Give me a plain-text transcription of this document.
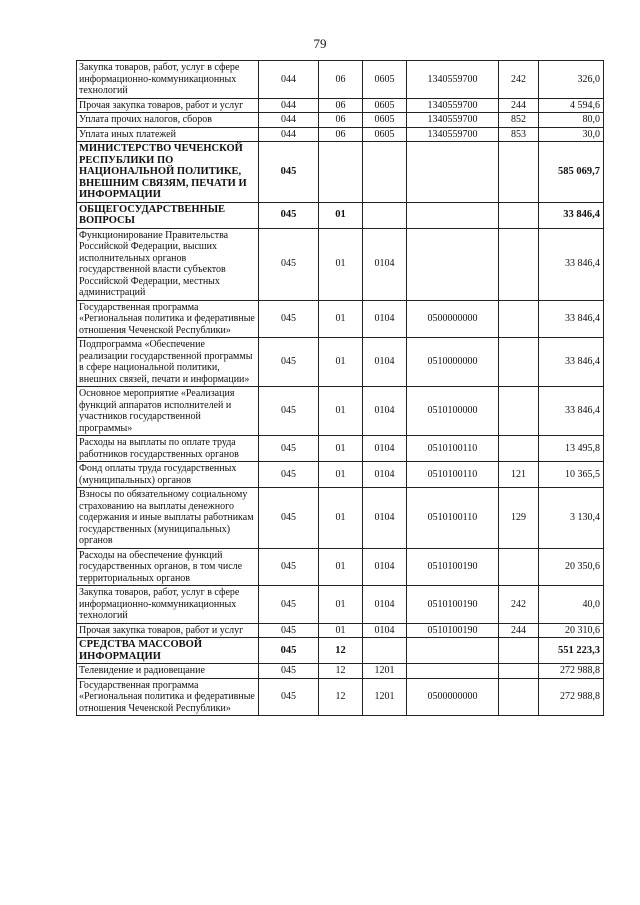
79
Закупка товаров, работ, услуг в сфере информационно-коммуникационных технологий	044	06	0605	1340559700	242	326,0
Прочая закупка товаров, работ и услуг	044	06	0605	1340559700	244	4 594,6
Уплата прочих налогов, сборов	044	06	0605	1340559700	852	80,0
Уплата иных платежей	044	06	0605	1340559700	853	30,0
МИНИСТЕРСТВО ЧЕЧЕНСКОЙ РЕСПУБЛИКИ ПО НАЦИОНАЛЬНОЙ ПОЛИТИКЕ, ВНЕШНИМ СВЯЗЯМ, ПЕЧАТИ И ИНФОРМАЦИИ	045					585 069,7
ОБЩЕГОСУДАРСТВЕННЫЕ ВОПРОСЫ	045	01				33 846,4
Функционирование Правительства Российской Федерации, высших исполнительных органов государственной власти субъектов Российской Федерации, местных администраций	045	01	0104			33 846,4
Государственная программа «Региональная политика и федеративные отношения Чеченской Республики»	045	01	0104	0500000000		33 846,4
Подпрограмма «Обеспечение реализации государственной программы в сфере национальной политики, внешних связей, печати и информации»	045	01	0104	0510000000		33 846,4
Основное мероприятие «Реализация функций аппаратов исполнителей и участников государственной программы»	045	01	0104	0510100000		33 846,4
Расходы на выплаты по оплате труда работников государственных органов	045	01	0104	0510100110		13 495,8
Фонд оплаты труда государственных (муниципальных) органов	045	01	0104	0510100110	121	10 365,5
Взносы по обязательному социальному страхованию на выплаты денежного содержания и иные выплаты работникам государственных (муниципальных) органов	045	01	0104	0510100110	129	3 130,4
Расходы на обеспечение функций государственных органов, в том числе территориальных органов	045	01	0104	0510100190		20 350,6
Закупка товаров, работ, услуг в сфере информационно-коммуникационных технологий	045	01	0104	0510100190	242	40,0
Прочая закупка товаров, работ и услуг	045	01	0104	0510100190	244	20 310,6
СРЕДСТВА МАССОВОЙ ИНФОРМАЦИИ	045	12				551 223,3
Телевидение и радиовещание	045	12	1201			272 988,8
Государственная программа «Региональная политика и федеративные отношения Чеченской Республики»	045	12	1201	0500000000		272 988,8
